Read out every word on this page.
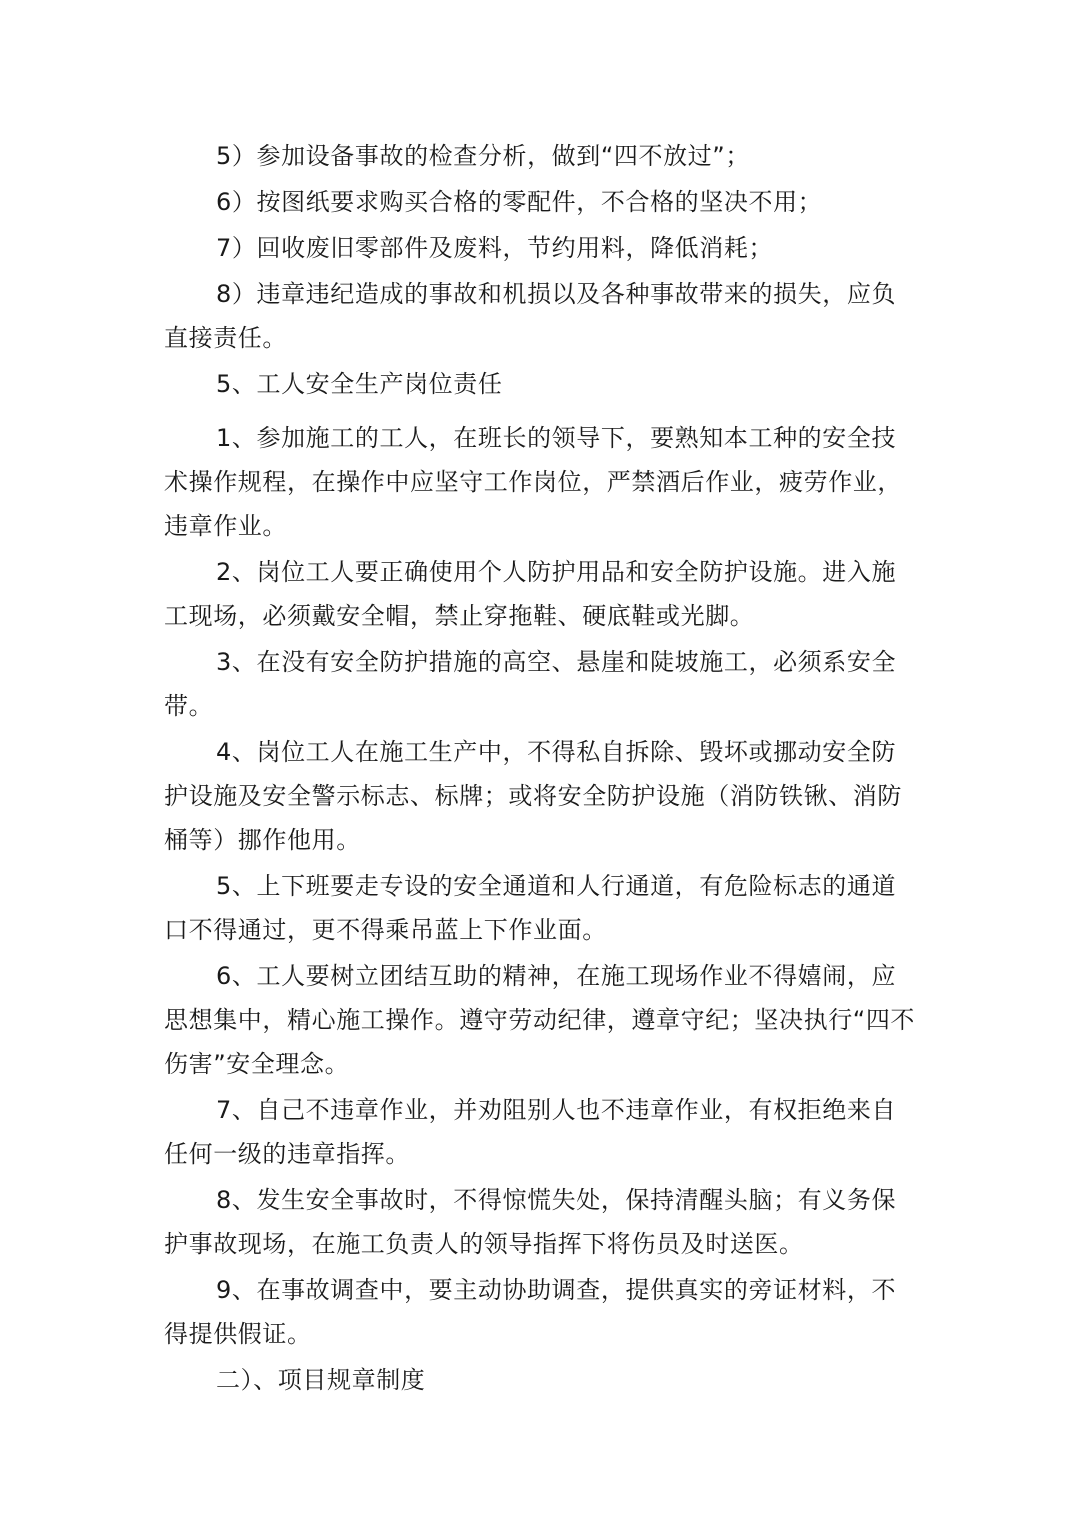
5）参加设备事故的检查分析，做到“四不放过”；

6）按图纸要求购买合格的零配件，不合格的坚决不用；

7）回收废旧零部件及废料，节约用料，降低消耗；

8）违章违纪造成的事故和机损以及各种事故带来的损失，应负直接责任。

5、工人安全生产岗位责任

1、参加施工的工人，在班长的领导下，要熟知本工种的安全技术操作规程，在操作中应坚守工作岗位，严禁酒后作业，疲劳作业，违章作业。

2、岗位工人要正确使用个人防护用品和安全防护设施。进入施工现场，必须戴安全帽，禁止穿拖鞋、硬底鞋或光脚。

3、在没有安全防护措施的高空、悬崖和陡坡施工，必须系安全带。

4、岗位工人在施工生产中，不得私自拆除、毁坏或挪动安全防护设施及安全警示标志、标牌；或将安全防护设施（消防铁锹、消防桶等）挪作他用。

5、上下班要走专设的安全通道和人行通道，有危险标志的通道口不得通过，更不得乘吊蓝上下作业面。

6、工人要树立团结互助的精神，在施工现场作业不得嬉闹，应思想集中，精心施工操作。遵守劳动纪律，遵章守纪；坚决执行“四不伤害”安全理念。

7、自己不违章作业，并劝阻别人也不违章作业，有权拒绝来自任何一级的违章指挥。

8、发生安全事故时，不得惊慌失处，保持清醒头脑；有义务保护事故现场，在施工负责人的领导指挥下将伤员及时送医。

9、在事故调查中，要主动协助调查，提供真实的旁证材料，不得提供假证。

二）、项目规章制度
